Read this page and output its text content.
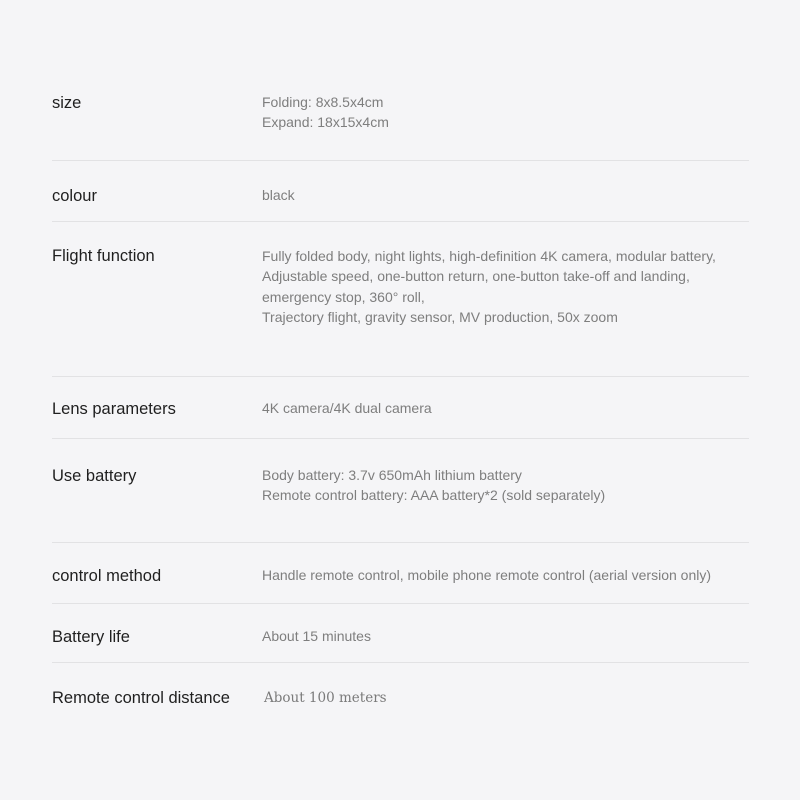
size	Folding: 8x8.5x4cm
Expand: 18x15x4cm
colour	black
Flight function	Fully folded body, night lights, high-definition 4K camera, modular battery,
Adjustable speed, one-button return, one-button take-off and landing,
emergency stop, 360° roll,
Trajectory flight, gravity sensor, MV production, 50x zoom
Lens parameters	4K camera/4K dual camera
Use battery	Body battery: 3.7v 650mAh lithium battery
Remote control battery: AAA battery*2 (sold separately)
control method	Handle remote control, mobile phone remote control (aerial version only)
Battery life	About 15 minutes
Remote control distance	About 100 meters
